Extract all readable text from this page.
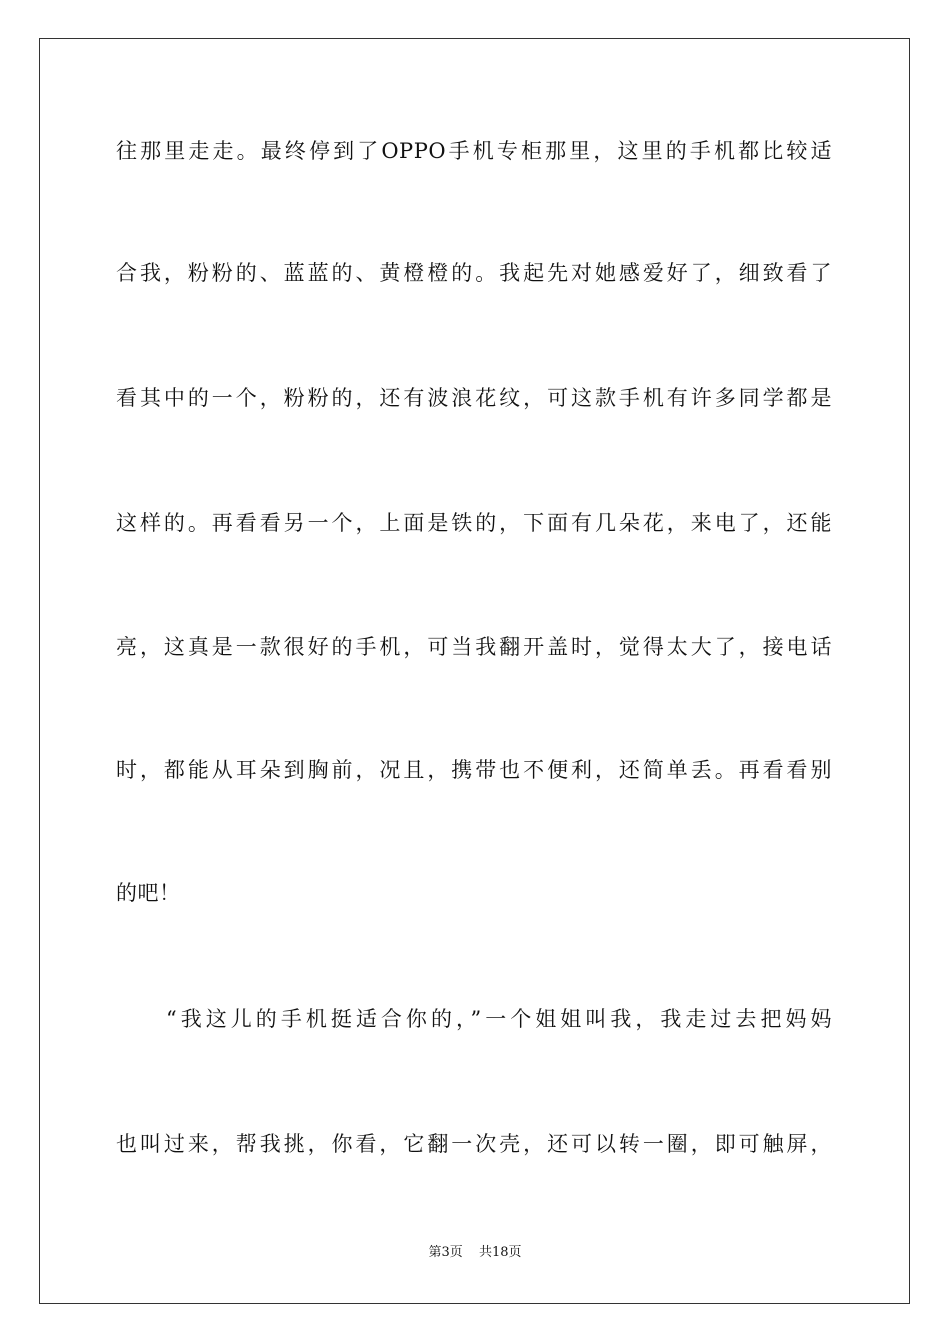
往那里走走。最终停到了OPPO手机专柜那里，这里的手机都比较适
合我，粉粉的、蓝蓝的、黄橙橙的。我起先对她感爱好了，细致看了
看其中的一个，粉粉的，还有波浪花纹，可这款手机有许多同学都是
这样的。再看看另一个，上面是铁的，下面有几朵花，来电了，还能
亮，这真是一款很好的手机，可当我翻开盖时，觉得太大了，接电话
时，都能从耳朵到胸前，况且，携带也不便利，还简单丢。再看看别
的吧！
“我这儿的手机挺适合你的，”一个姐姐叫我，我走过去把妈妈
也叫过来，帮我挑，你看，它翻一次壳，还可以转一圈，即可触屏，
第3页 共18页
